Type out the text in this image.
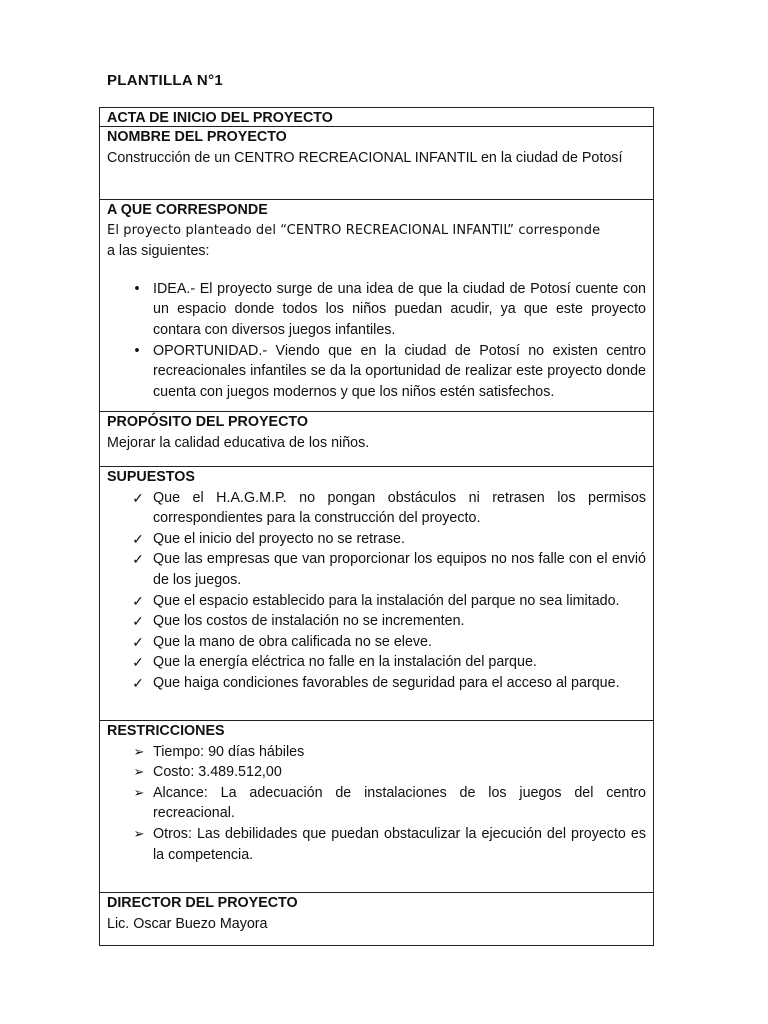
PLANTILLA N°1
ACTA DE INICIO DEL PROYECTO
NOMBRE DEL PROYECTO
Construcción de un CENTRO RECREACIONAL INFANTIL en la ciudad de Potosí
A QUE CORRESPONDE
El proyecto planteado del “CENTRO RECREACIONAL INFANTIL” corresponde
a las siguientes:
• IDEA.- El proyecto surge de una idea de que la ciudad de Potosí cuente con un espacio donde todos los niños puedan acudir, ya que este proyecto contara con diversos juegos infantiles.
• OPORTUNIDAD.- Viendo que en la ciudad de Potosí no existen centro recreacionales infantiles se da la oportunidad de realizar este proyecto donde cuenta con juegos modernos y que los niños estén satisfechos.
PROPÓSITO DEL PROYECTO
Mejorar la calidad educativa de los niños.
SUPUESTOS
✓ Que el H.A.G.M.P. no pongan obstáculos ni retrasen los permisos correspondientes para la construcción del proyecto.
✓ Que el inicio del proyecto no se retrase.
✓ Que las empresas que van proporcionar los equipos no nos falle con el envió de los juegos.
✓ Que el espacio establecido para la instalación del parque no sea limitado.
✓ Que los costos de instalación no se incrementen.
✓ Que la mano de obra calificada no se eleve.
✓ Que la energía eléctrica no falle en la instalación del parque.
✓ Que haiga condiciones favorables de seguridad para el acceso al parque.
RESTRICCIONES
➢ Tiempo: 90 días hábiles
➢ Costo: 3.489.512,00
➢ Alcance: La adecuación de instalaciones de los juegos del centro recreacional.
➢ Otros: Las debilidades que puedan obstaculizar la ejecución del proyecto es la competencia.
DIRECTOR DEL PROYECTO
Lic. Oscar Buezo Mayora
